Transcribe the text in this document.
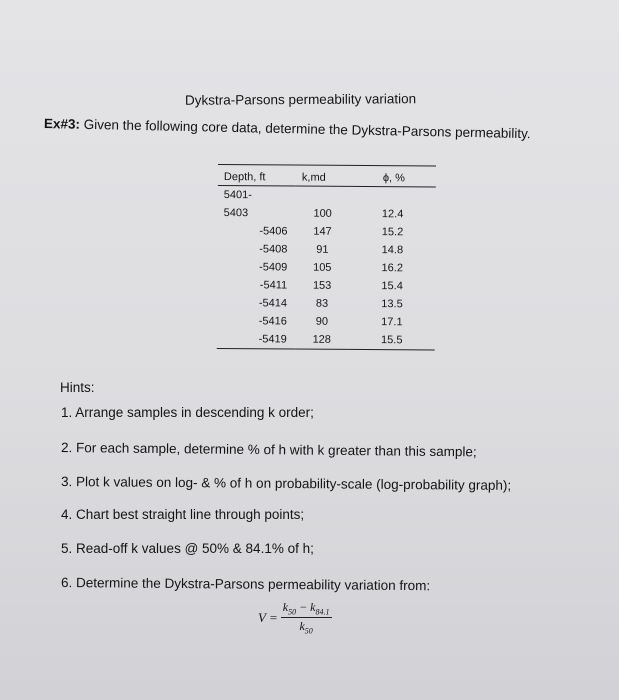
Dykstra-Parsons permeability variation
Ex#3: Given the following core data, determine the Dykstra-Parsons permeability.
Depth, ft	k,md	ϕ, %
5401-		
5403	100	12.4
-5406	147	15.2
-5408	91	14.8
-5409	105	16.2
-5411	153	15.4
-5414	83	13.5
-5416	90	17.1
-5419	128	15.5
Hints:
1. Arrange samples in descending k order;
2. For each sample, determine % of h with k greater than this sample;
3. Plot k values on log- & % of h on probability-scale (log-probability graph);
4. Chart best straight line through points;
5. Read-off k values @ 50% & 84.1% of h;
6. Determine the Dykstra-Parsons permeability variation from:
$V = \frac{k_{50} - k_{84.1}}{k_{50}}$
